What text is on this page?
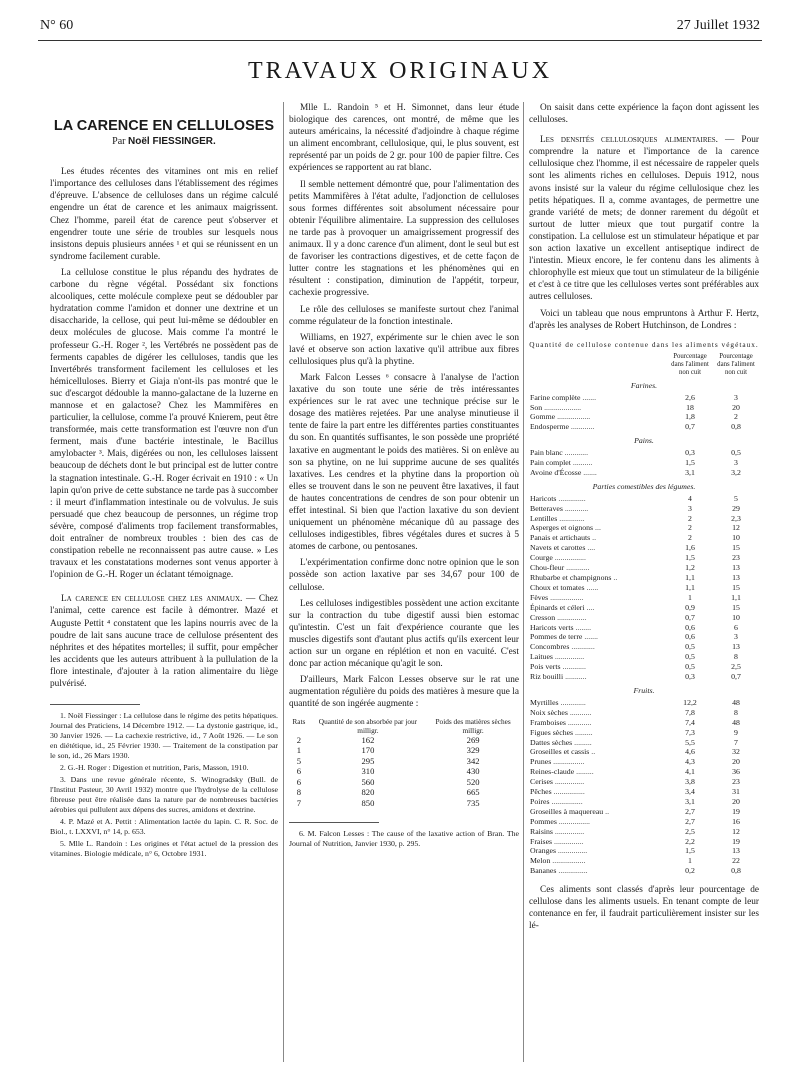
N° 60	27 Juillet 1932
TRAVAUX ORIGINAUX
LA CARENCE EN CELLULOSES
Par Noël FIESSINGER.

Les études récentes des vitamines ont mis en relief l'importance des celluloses dans l'établissement des régimes d'épreuve. L'absence de celluloses dans un régime calculé engendre un état de carence et les animaux maigrissent. Chez l'homme, pareil état de carence peut s'observer et engendrer toute une série de troubles sur lesquels nous insistons depuis plusieurs années ¹ et qui se réunissent en un syndrome facilement curable.

La cellulose constitue le plus répandu des hydrates de carbone du règne végétal. Possédant six fonctions alcooliques, cette molécule complexe peut se dédoubler par hydratation comme l'amidon et donner une dextrine et un disaccharide, la cellose, qui peut lui-même se dédoubler en deux molécules de glucose. Mais comme l'a montré le professeur G.-H. Roger ², les Vertébrés ne possèdent pas de ferments capables de digérer les celluloses, tandis que les Invertébrés transforment facilement les celluloses et les hémicelluloses. Bierry et Giaja n'ont-ils pas montré que le suc d'escargot dédouble la manno-galactane de la luzerne en mannose et en galactose? Chez les Mammifères en particulier, la cellulose, comme l'a prouvé Knierem, peut être transformée, mais cette transformation est l'œuvre non d'un ferment, mais d'une bactérie intestinale, le Bacillus amylobacter ³. Mais, digérées ou non, les celluloses laissent beaucoup de déchets dont le but principal est de lutter contre la stagnation intestinale. G.-H. Roger écrivait en 1910 : « Un lapin qu'on prive de cette substance ne tarde pas à succomber : il meurt d'inflammation intestinale ou de volvulus. Je suis persuadé que chez beaucoup de personnes, un régime trop sévère, composé d'aliments trop facilement transformables, doit entraîner de nombreux troubles : bien des cas de constipation rebelle ne reconnaissent pas autre cause. » Les travaux et les constatations modernes sont venus apporter à l'opinion de G.-H. Roger un éclatant témoignage.

La carence en cellulose chez les animaux. — Chez l'animal, cette carence est facile à démontrer. Mazé et Auguste Pettit ⁴ constatent que les lapins nourris avec de la poudre de lait sans aucune trace de cellulose présentent des néphrites et des hépatites mortelles; il suffit, pour empêcher les accidents que les auteurs attribuent à la pullulation de la flore intestinale, d'ajouter à la ration alimentaire du liège pulvérisé.

1. Noël Fiessinger : La cellulose dans le régime des petits hépatiques. Journal des Praticiens, 14 Décembre 1912. — La dystonie gastrique, id., 30 Janvier 1926. — La cachexie restrictive, id., 7 Août 1926. — Le son en diététique, id., 25 Février 1930. — Traitement de la constipation par le son, id., 26 Mars 1930.

2. G.-H. Roger : Digestion et nutrition, Paris, Masson, 1910.

3. Dans une revue générale récente, S. Winogradsky (Bull. de l'Institut Pasteur, 30 Avril 1932) montre que l'hydrolyse de la cellulose fibreuse peut être réalisée dans la nature par de nombreuses bactéries aérobies qui pullulent aux dépens des sucres, amidons et dextrine.

4. P. Mazé et A. Pettit : Alimentation lactée du lapin. C. R. Soc. de Biol., t. LXXVI, n° 14, p. 653.

5. Mlle L. Randoin : Les origines et l'état actuel de la pression des vitamines. Biologie médicale, n° 6, Octobre 1931.

Mlle L. Randoin ⁵ et H. Simonnet, dans leur étude biologique des carences, ont montré, de même que les auteurs américains, la nécessité d'adjoindre à chaque régime un aliment encombrant, cellulosique, qui, le plus souvent, est représenté par un poids de 2 gr. pour 100 de papier filtre. Ces expériences se rapportent au rat blanc.

Il semble nettement démontré que, pour l'alimentation des petits Mammifères à l'état adulte, l'adjonction de celluloses sous formes différentes soit absolument nécessaire pour obtenir l'équilibre alimentaire. La suppression des celluloses ne tarde pas à provoquer un amaigrissement progressif des animaux. Il y a donc carence d'un aliment, dont le seul but est de favoriser les contractions digestives, et de cette façon de lutter contre les stagnations et les phénomènes qui en résultent : constipation, diminution de l'appétit, torpeur, cachexie progressive.

Le rôle des celluloses se manifeste surtout chez l'animal comme régulateur de la fonction intestinale.

Williams, en 1927, expérimente sur le chien avec le son lavé et observe son action laxative qu'il attribue aux fibres cellulosiques plus qu'à la phytine.

Mark Falcon Lesses ⁶ consacre à l'analyse de l'action laxative du son toute une série de très intéressantes expériences sur le rat avec une technique précise sur le dosage des matières rejetées. Par une analyse minutieuse il tente de faire la part entre les différentes parties constituantes du son. En quantités suffisantes, le son possède une propriété laxative en augmentant le poids des matières. Si on enlève au son sa phytine, on ne lui supprime aucune de ses qualités laxatives. Les cendres et la phytine dans la proportion où elles se trouvent dans le son ne peuvent être laxatives, il faut de hautes concentrations de cendres de son pour obtenir un effet intestinal. Si bien que l'action laxative du son devient uniquement un phénomène mécanique dû au passage des celluloses indigestibles, fibres végétales dures et sucres à 5 atomes de carbone, ou pentosanes.

L'expérimentation confirme donc notre opinion que le son possède son action laxative par ses 34,67 pour 100 de cellulose.

Les celluloses indigestibles possèdent une action excitante sur la contraction du tube digestif aussi bien estomac qu'intestin. C'est un fait d'expérience courante que les muscles digestifs sont d'autant plus actifs qu'ils exercent leur action sur un organe en réplétion et non en vacuité. C'est donc par action mécanique qu'agit le son.

D'ailleurs, Mark Falcon Lesses observe sur le rat une augmentation régulière du poids des matières à mesure que la quantité de son ingérée augmente :

Rats	Quantité de son absorbée par jour	Poids des matières sèches
	milligr.	milligr.
2	162	269
1	170	329
5	295	342
6	310	430
6	560	520
8	820	665
7	850	735

6. M. Falcon Lesses : The cause of the laxative action of Bran. The Journal of Nutrition, Janvier 1930, p. 295.

On saisit dans cette expérience la façon dont agissent les celluloses.

Les densités cellulosiques alimentaires. — Pour comprendre la nature et l'importance de la carence cellulosique chez l'homme, il est nécessaire de rappeler quels sont les aliments riches en celluloses. Depuis 1912, nous avons insisté sur la valeur du régime cellulosique chez les petits hépatiques. Il a, comme avantages, de permettre une grande variété de mets; de donner rarement du dégoût et surtout de lutter mieux que tout purgatif contre la constipation. La cellulose est un stimulateur hépatique et par son action laxative un excellent antiseptique indirect de l'intestin. Mieux encore, le fer contenu dans les aliments à chlorophylle est mieux que tout un stimulateur de la biligénie et c'est à ce titre que les celluloses vertes sont préférables aux autres celluloses.

Voici un tableau que nous empruntons à Arthur F. Hertz, d'après les analyses de Robert Hutchinson, de Londres :

Quantité de cellulose contenue dans les aliments végétaux.
	Pourcentage dans l'aliment non cuit	Pourcentage dans l'aliment non cuit
Farines.		
Farine complète .......	2,6	3
Son ...................	18	20
Gomme .................	1,8	2
Endosperme ............	0,7	0,8
Pains.		
Pain blanc ............	0,3	0,5
Pain complet ..........	1,5	3
Avoine d'Écosse .......	3,1	3,2
Parties comestibles des légumes.		
Haricots ..............	4	5
Betteraves ............	3	29
Lentilles .............	2	2,3
Asperges et oignons ...	2	12
Panais et artichauts ..	2	10
Navets et carottes ....	1,6	15
Courge ................	1,5	23
Chou-fleur ............	1,2	13
Rhubarbe et champignons ..	1,1	13
Choux et tomates ......	1,1	15
Fèves .................	1	1,1
Épinards et céleri ....	0,9	15
Cresson ...............	0,7	10
Haricots verts ........	0,6	6
Pommes de terre .......	0,6	3
Concombres ............	0,5	13
Laitues ...............	0,5	8
Pois verts ............	0,5	2,5
Riz bouilli ...........	0,3	0,7
Fruits.		
Myrtilles .............	12,2	48
Noix sèches ...........	7,8	8
Framboises ............	7,4	48
Figues sèches .........	7,3	9
Dattes sèches .........	5,5	7
Groseilles et cassis ..	4,6	32
Prunes ................	4,3	20
Reines-claude .........	4,1	36
Cerises ...............	3,8	23
Pêches ................	3,4	31
Poires ................	3,1	20
Groseilles à maquereau ..	2,7	19
Pommes ................	2,7	16
Raisins ...............	2,5	12
Fraises ...............	2,2	19
Oranges ...............	1,5	13
Melon .................	1	22
Bananes ...............	0,2	0,8

Ces aliments sont classés d'après leur pourcentage de cellulose dans les aliments usuels. En tenant compte de leur contenance en fer, il faudrait particulièrement insister sur les lé-
